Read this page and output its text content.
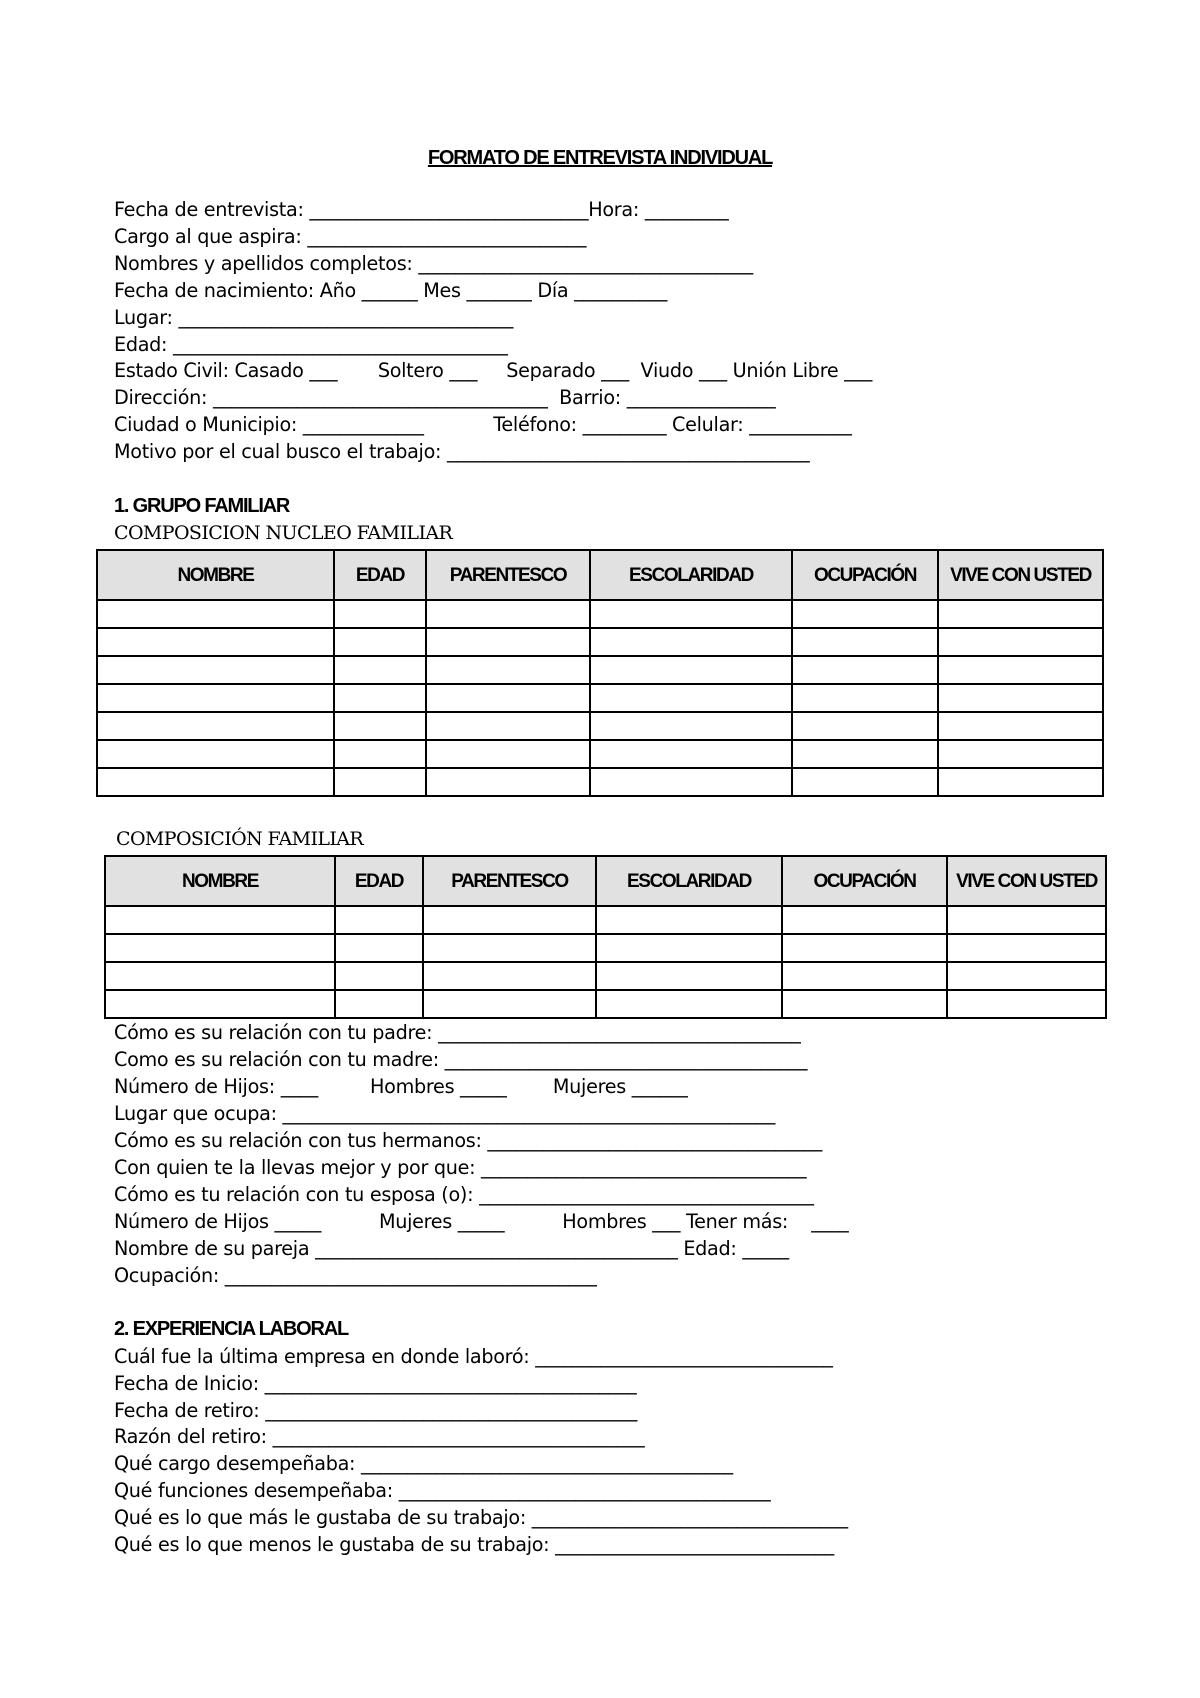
FORMATO DE ENTREVISTA INDIVIDUAL
Fecha de entrevista: ______________________________Hora: _________
Cargo al que aspira: ______________________________
Nombres y apellidos completos: ____________________________________
Fecha de nacimiento: Año ______ Mes _______ Día __________
Lugar: ____________________________________
Edad: ____________________________________
Estado Civil: Casado ___       Soltero ___     Separado ___  Viudo ___ Unión Libre ___
Dirección: ____________________________________  Barrio: ________________
Ciudad o Municipio: _____________            Teléfono: _________ Celular: ___________
Motivo por el cual busco el trabajo: _______________________________________
1. GRUPO FAMILIAR
COMPOSICION NUCLEO FAMILIAR
NOMBRE	EDAD	PARENTESCO	ESCOLARIDAD	OCUPACIÓN	VIVE CON USTED

COMPOSICIÓN FAMILIAR
NOMBRE	EDAD	PARENTESCO	ESCOLARIDAD	OCUPACIÓN	VIVE CON USTED

Cómo es su relación con tu padre: _______________________________________
Como es su relación con tu madre: _______________________________________
Número de Hijos: ____         Hombres _____        Mujeres ______
Lugar que ocupa: _____________________________________________________
Cómo es su relación con tus hermanos: ____________________________________
Con quien te la llevas mejor y por que: ___________________________________
Cómo es tu relación con tu esposa (o): ____________________________________
Número de Hijos _____          Mujeres _____          Hombres ___ Tener más:    ____
Nombre de su pareja _______________________________________ Edad: _____
Ocupación: ________________________________________
2. EXPERIENCIA LABORAL
Cuál fue la última empresa en donde laboró: ________________________________
Fecha de Inicio: ________________________________________
Fecha de retiro: ________________________________________
Razón del retiro: ________________________________________
Qué cargo desempeñaba: ________________________________________
Qué funciones desempeñaba: ________________________________________
Qué es lo que más le gustaba de su trabajo: __________________________________
Qué es lo que menos le gustaba de su trabajo: ______________________________
